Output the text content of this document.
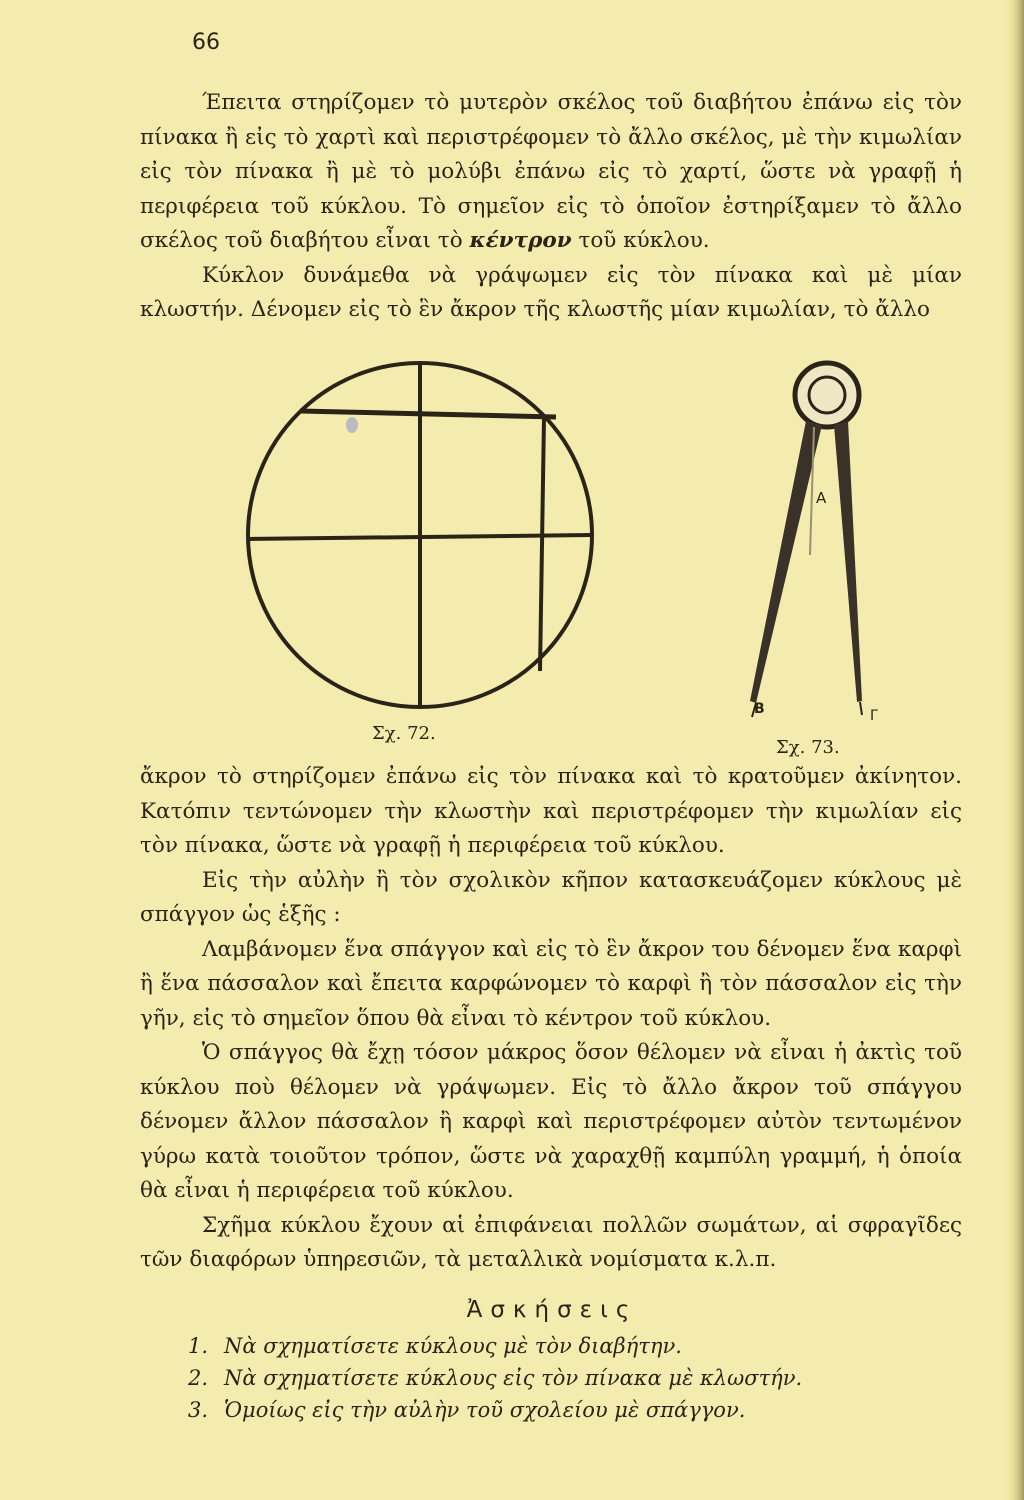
66

Έπειτα στηρίζομεν τὸ μυτερὸν σκέλος τοῦ διαβήτου ἐπάνω εἰς τὸν πίνακα ἢ εἰς τὸ χαρτὶ καὶ περιστρέφομεν τὸ ἄλλο σκέλος, μὲ τὴν κιμωλίαν εἰς τὸν πίνακα ἢ μὲ τὸ μολύβι ἐπάνω εἰς τὸ χαρτί, ὥστε νὰ γραφῇ ἡ περιφέρεια τοῦ κύκλου. Τὸ σημεῖον εἰς τὸ ὁποῖον ἐστηρίξαμεν τὸ ἄλλο σκέλος τοῦ διαβήτου εἶναι τὸ κέντρον τοῦ κύκλου.

Κύκλον δυνάμεθα νὰ γράψωμεν εἰς τὸν πίνακα καὶ μὲ μίαν κλωστήν. Δένομεν εἰς τὸ ἓν ἄκρον τῆς κλωστῆς μίαν κιμωλίαν, τὸ ἄλλο

Σχ. 72.
Α
Β	Γ
Σχ. 73.

ἄκρον τὸ στηρίζομεν ἐπάνω εἰς τὸν πίνακα καὶ τὸ κρατοῦμεν ἀκίνητον. Κατόπιν τεντώνομεν τὴν κλωστὴν καὶ περιστρέφομεν τὴν κιμωλίαν εἰς τὸν πίνακα, ὥστε νὰ γραφῇ ἡ περιφέρεια τοῦ κύκλου.

Εἰς τὴν αὐλὴν ἢ τὸν σχολικὸν κῆπον κατασκευάζομεν κύκλους μὲ σπάγγον ὡς ἑξῆς :

Λαμβάνομεν ἕνα σπάγγον καὶ εἰς τὸ ἓν ἄκρον του δένομεν ἕνα καρφὶ ἢ ἕνα πάσσαλον καὶ ἔπειτα καρφώνομεν τὸ καρφὶ ἢ τὸν πάσσαλον εἰς τὴν γῆν, εἰς τὸ σημεῖον ὅπου θὰ εἶναι τὸ κέντρον τοῦ κύκλου.

Ὁ σπάγγος θὰ ἔχῃ τόσον μάκρος ὅσον θέλομεν νὰ εἶναι ἡ ἀκτὶς τοῦ κύκλου ποὺ θέλομεν νὰ γράψωμεν. Εἰς τὸ ἄλλο ἄκρον τοῦ σπάγγου δένομεν ἄλλον πάσσαλον ἢ καρφὶ καὶ περιστρέφομεν αὐτὸν τεντωμένον γύρω κατὰ τοιοῦτον τρόπον, ὥστε νὰ χαραχθῇ καμπύλη γραμμή, ἡ ὁποία θὰ εἶναι ἡ περιφέρεια τοῦ κύκλου.

Σχῆμα κύκλου ἔχουν αἱ ἐπιφάνειαι πολλῶν σωμάτων, αἱ σφραγῖδες τῶν διαφόρων ὑπηρεσιῶν, τὰ μεταλλικὰ νομίσματα κ.λ.π.

Ἀσκήσεις
1. Νὰ σχηματίσετε κύκλους μὲ τὸν διαβήτην.
2. Νὰ σχηματίσετε κύκλους εἰς τὸν πίνακα μὲ κλωστήν.
3. Ὁμοίως εἰς τὴν αὐλὴν τοῦ σχολείου μὲ σπάγγον.
